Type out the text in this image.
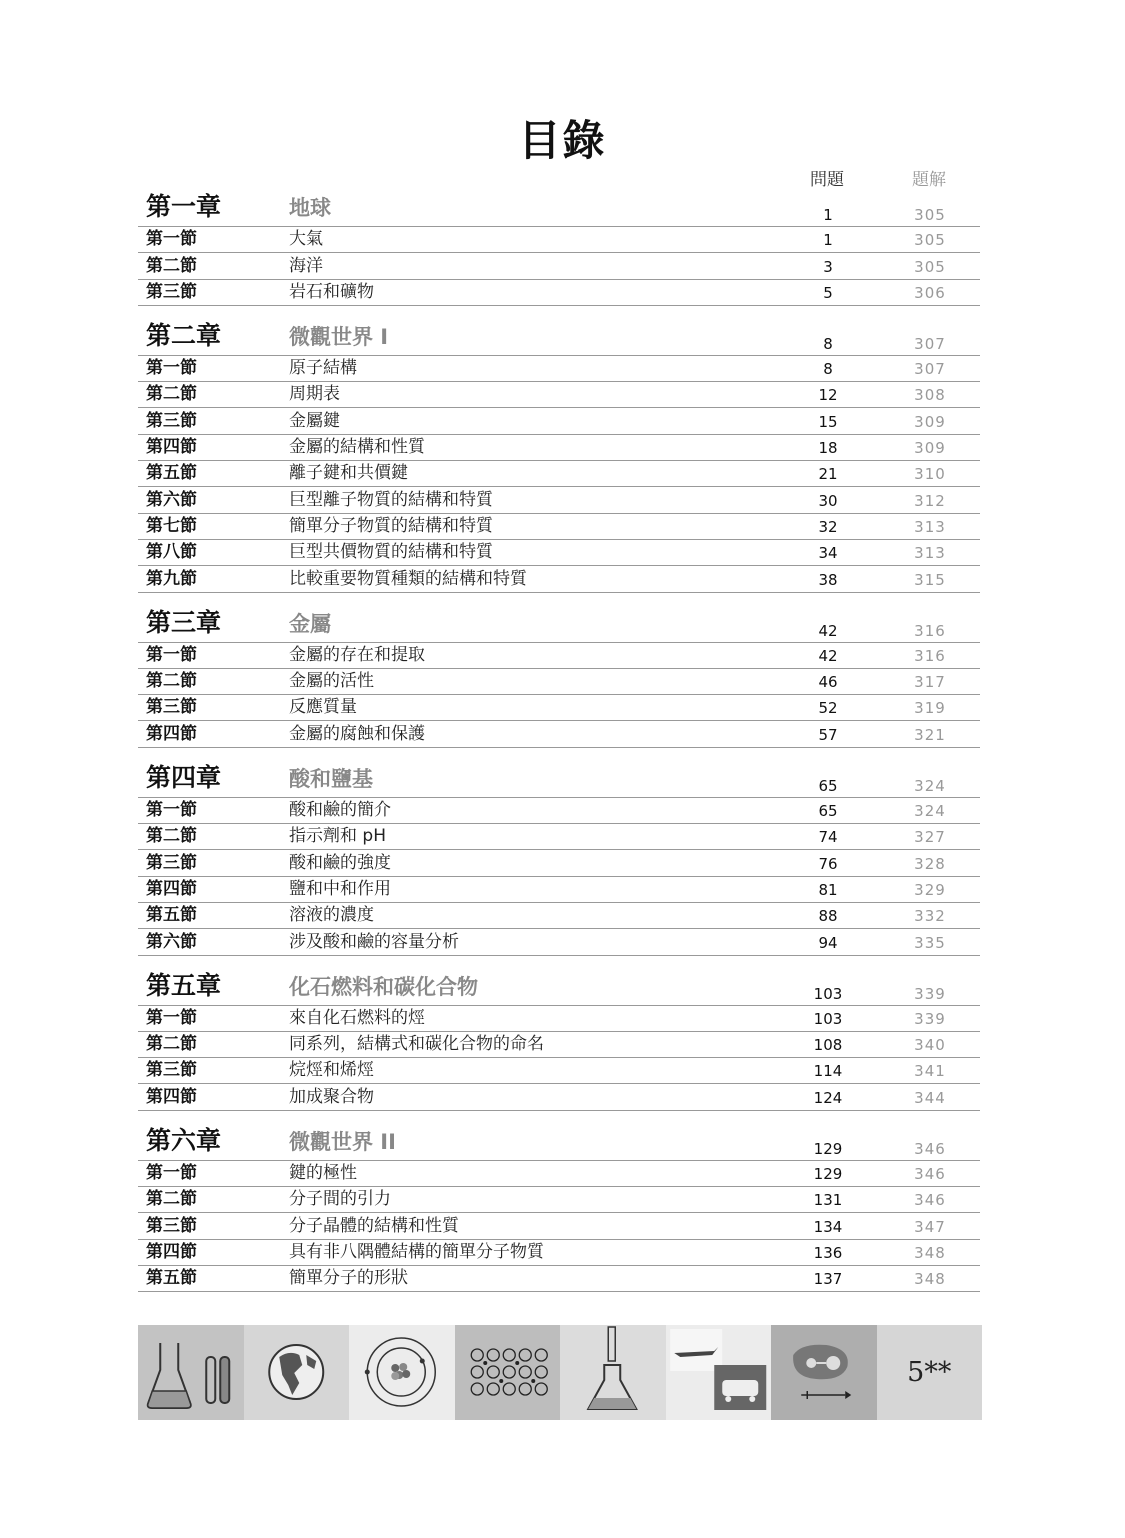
目錄
問題	題解
第一章	地球	1	305
第一節	大氣	1	305
第二節	海洋	3	305
第三節	岩石和礦物	5	306
第二章	微觀世界 I	8	307
第一節	原子結構	8	307
第二節	周期表	12	308
第三節	金屬鍵	15	309
第四節	金屬的結構和性質	18	309
第五節	離子鍵和共價鍵	21	310
第六節	巨型離子物質的結構和特質	30	312
第七節	簡單分子物質的結構和特質	32	313
第八節	巨型共價物質的結構和特質	34	313
第九節	比較重要物質種類的結構和特質	38	315
第三章	金屬	42	316
第一節	金屬的存在和提取	42	316
第二節	金屬的活性	46	317
第三節	反應質量	52	319
第四節	金屬的腐蝕和保護	57	321
第四章	酸和鹽基	65	324
第一節	酸和鹼的簡介	65	324
第二節	指示劑和 pH	74	327
第三節	酸和鹼的強度	76	328
第四節	鹽和中和作用	81	329
第五節	溶液的濃度	88	332
第六節	涉及酸和鹼的容量分析	94	335
第五章	化石燃料和碳化合物	103	339
第一節	來自化石燃料的烴	103	339
第二節	同系列，結構式和碳化合物的命名	108	340
第三節	烷烴和烯烴	114	341
第四節	加成聚合物	124	344
第六章	微觀世界 II	129	346
第一節	鍵的極性	129	346
第二節	分子間的引力	131	346
第三節	分子晶體的結構和性質	134	347
第四節	具有非八隅體結構的簡單分子物質	136	348
第五節	簡單分子的形狀	137	348
5**
